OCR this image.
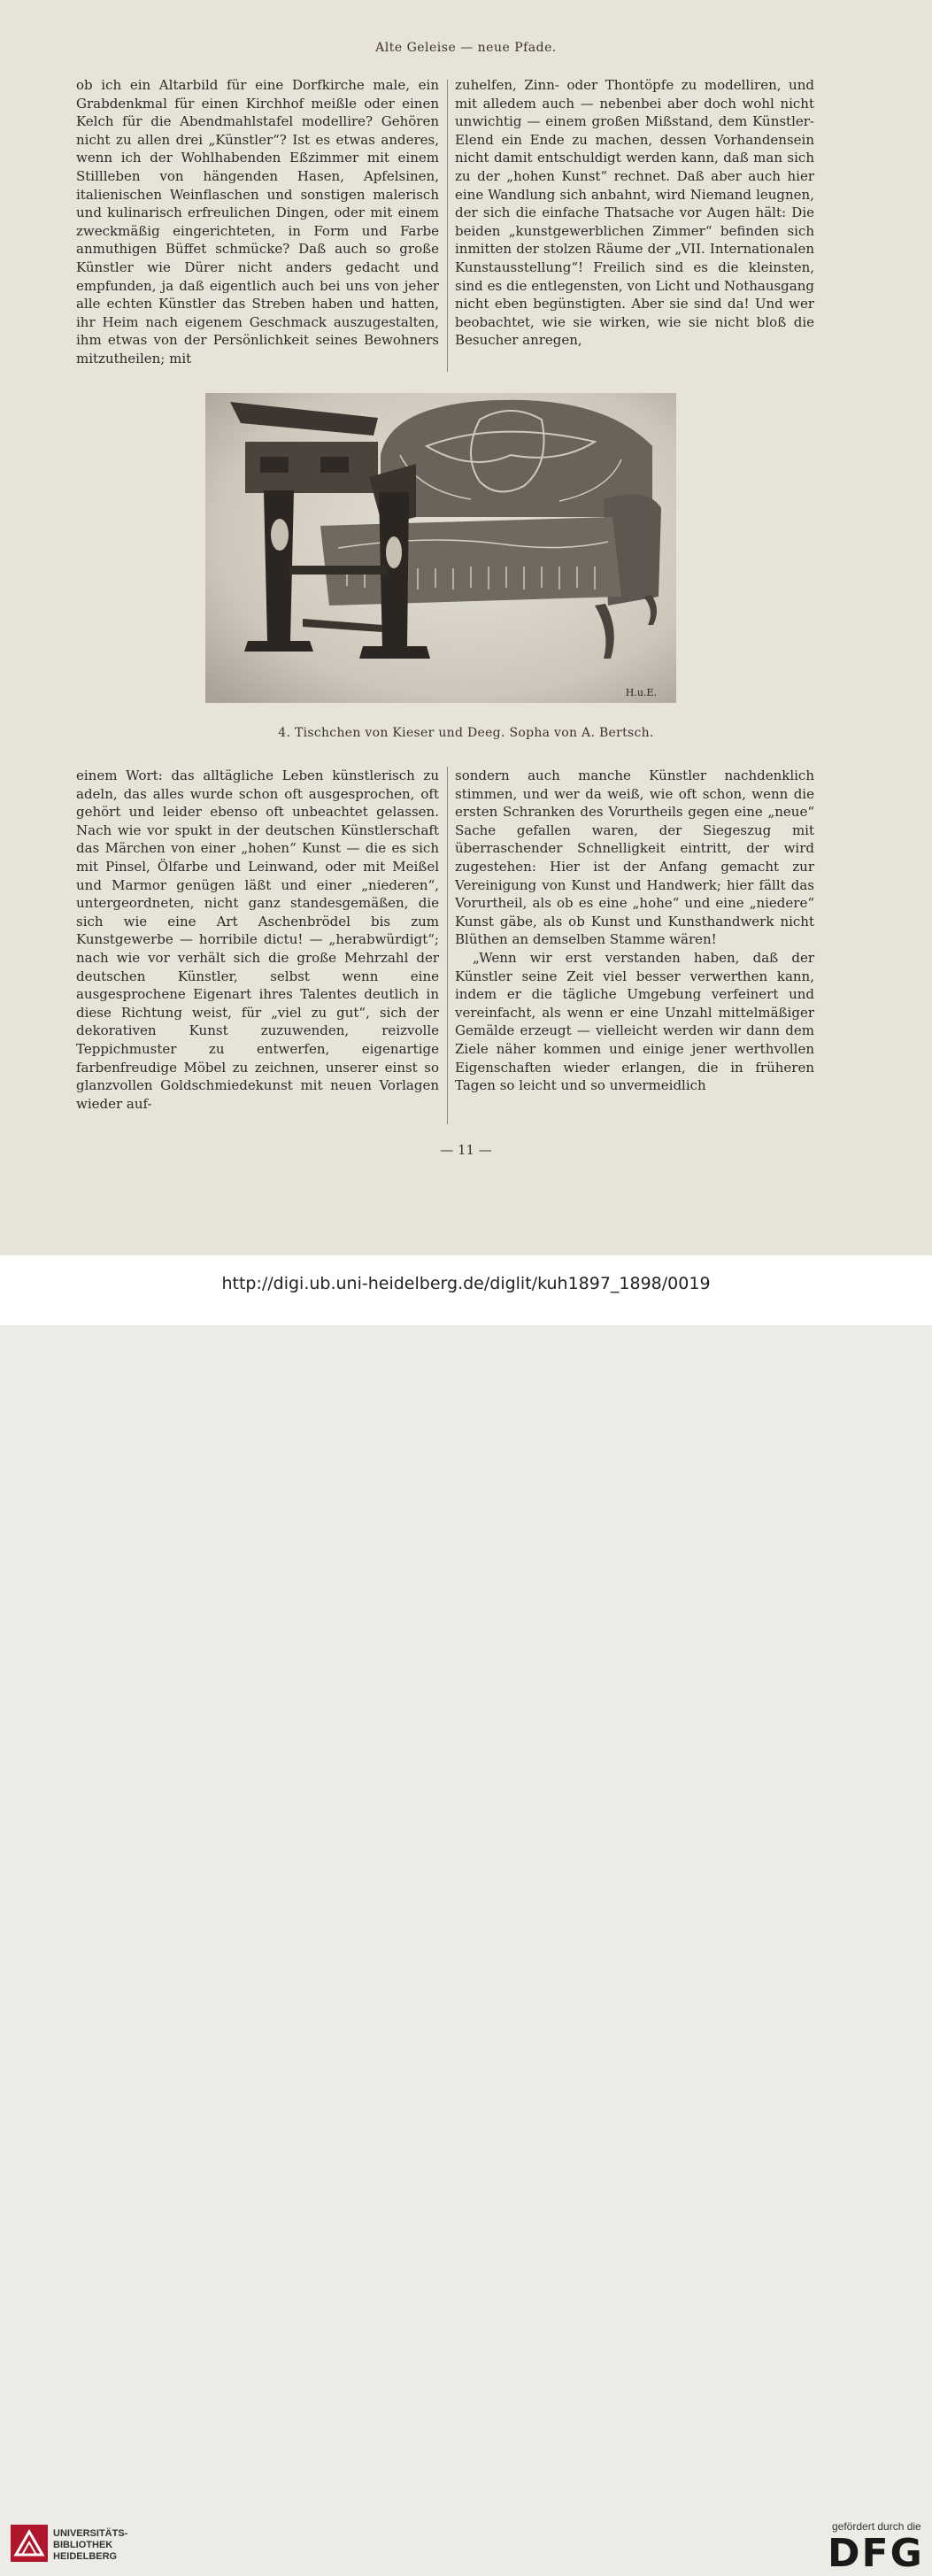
Alte Geleise — neue Pfade.

ob ich ein Altarbild für eine Dorfkirche male, ein Grabdenkmal für einen Kirchhof meißle oder einen Kelch für die Abendmahlstafel modellire? Gehören nicht zu allen drei „Künstler“? Ist es etwas anderes, wenn ich der Wohlhabenden Eßzimmer mit einem Stillleben von hängenden Hasen, Apfelsinen, italienischen Weinflaschen und sonstigen malerisch und kulinarisch erfreulichen Dingen, oder mit einem zweckmäßig eingerichteten, in Form und Farbe anmuthigen Büffet schmücke? Daß auch so große Künstler wie Dürer nicht anders gedacht und empfunden, ja daß eigentlich auch bei uns von jeher alle echten Künstler das Streben haben und hatten, ihr Heim nach eigenem Geschmack auszugestalten, ihm etwas von der Persönlichkeit seines Bewohners mitzutheilen; mit

zuhelfen, Zinn- oder Thontöpfe zu modelliren, und mit alledem auch — nebenbei aber doch wohl nicht unwichtig — einem großen Mißstand, dem Künstler-Elend ein Ende zu machen, dessen Vorhandensein nicht damit entschuldigt werden kann, daß man sich zu der „hohen Kunst“ rechnet. Daß aber auch hier eine Wandlung sich anbahnt, wird Niemand leugnen, der sich die einfache Thatsache vor Augen hält: Die beiden „kunstgewerblichen Zimmer“ befinden sich inmitten der stolzen Räume der „VII. Internationalen Kunstausstellung“! Freilich sind es die kleinsten, sind es die entlegensten, von Licht und Nothausgang nicht eben begünstigten. Aber sie sind da! Und wer beobachtet, wie sie wirken, wie sie nicht bloß die Besucher anregen,

H.u.E.
4. Tischchen von Kieser und Deeg. Sopha von A. Bertsch.

einem Wort: das alltägliche Leben künstlerisch zu adeln, das alles wurde schon oft ausgesprochen, oft gehört und leider ebenso oft unbeachtet gelassen. Nach wie vor spukt in der deutschen Künstlerschaft das Märchen von einer „hohen“ Kunst — die es sich mit Pinsel, Ölfarbe und Leinwand, oder mit Meißel und Marmor genügen läßt und einer „niederen“, untergeordneten, nicht ganz standesgemäßen, die sich wie eine Art Aschenbrödel bis zum Kunstgewerbe — horribile dictu! — „herabwürdigt“; nach wie vor verhält sich die große Mehrzahl der deutschen Künstler, selbst wenn eine ausgesprochene Eigenart ihres Talentes deutlich in diese Richtung weist, für „viel zu gut“, sich der dekorativen Kunst zuzuwenden, reizvolle Teppichmuster zu entwerfen, eigenartige farbenfreudige Möbel zu zeichnen, unserer einst so glanzvollen Goldschmiedekunst mit neuen Vorlagen wieder auf-

sondern auch manche Künstler nachdenklich stimmen, und wer da weiß, wie oft schon, wenn die ersten Schranken des Vorurtheils gegen eine „neue“ Sache gefallen waren, der Siegeszug mit überraschender Schnelligkeit eintritt, der wird zugestehen: Hier ist der Anfang gemacht zur Vereinigung von Kunst und Handwerk; hier fällt das Vorurtheil, als ob es eine „hohe“ und eine „niedere“ Kunst gäbe, als ob Kunst und Kunsthandwerk nicht Blüthen an demselben Stamme wären!

„Wenn wir erst verstanden haben, daß der Künstler seine Zeit viel besser verwerthen kann, indem er die tägliche Umgebung verfeinert und vereinfacht, als wenn er eine Unzahl mittelmäßiger Gemälde erzeugt — vielleicht werden wir dann dem Ziele näher kommen und einige jener werthvollen Eigenschaften wieder erlangen, die in früheren Tagen so leicht und so unvermeidlich

— 11 —
UNIVERSITÄTS-
BIBLIOTHEK
HEIDELBERG
gefördert durch die
DFG
http://digi.ub.uni-heidelberg.de/diglit/kuh1897_1898/0019
